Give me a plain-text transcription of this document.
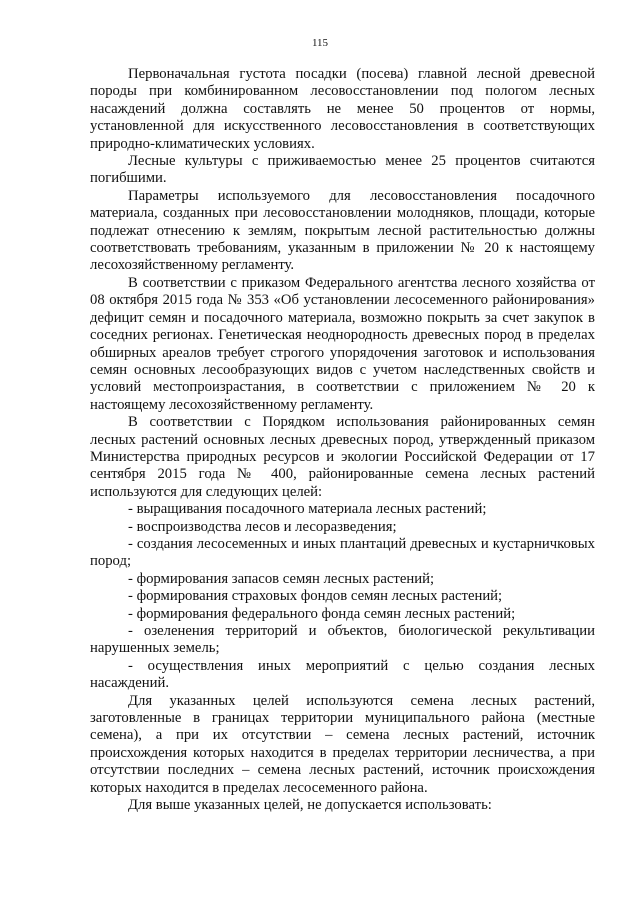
115

Первоначальная густота посадки (посева) главной лесной древесной породы при комбинированном лесовосстановлении под пологом лесных насаждений должна составлять не менее 50 процентов от нормы, установленной для искусственного лесовосстановления в соответствующих природно-климатических условиях.

Лесные культуры с приживаемостью менее 25 процентов считаются погибшими.

Параметры используемого для лесовосстановления посадочного материала, созданных при лесовосстановлении молодняков, площади, которые подлежат отнесению к землям, покрытым лесной растительностью должны соответствовать требованиям, указанным в приложении № 20 к настоящему лесохозяйственному регламенту.

В соответствии с приказом Федерального агентства лесного хозяйства от 08 октября 2015 года № 353 «Об установлении лесосеменного районирования» дефицит семян и посадочного материала, возможно покрыть за счет закупок в соседних регионах. Генетическая неоднородность древесных пород в пределах обширных ареалов требует строгого упорядочения заготовок и использования семян основных лесообразующих видов с учетом наследственных свойств и условий местопроизрастания, в соответствии с приложением № 20 к настоящему лесохозяйственному регламенту.

В соответствии с Порядком использования районированных семян лесных растений основных лесных древесных пород, утвержденный приказом Министерства природных ресурсов и экологии Российской Федерации от 17 сентября 2015 года № 400, районированные семена лесных растений используются для следующих целей:

- выращивания посадочного материала лесных растений;

- воспроизводства лесов и лесоразведения;

- создания лесосеменных и иных плантаций древесных и кустарничковых пород;

- формирования запасов семян лесных растений;

- формирования страховых фондов семян лесных растений;

- формирования федерального фонда семян лесных растений;

- озеленения территорий и объектов, биологической рекультивации нарушенных земель;

- осуществления иных мероприятий с целью создания лесных насаждений.

Для указанных целей используются семена лесных растений, заготовленные в границах территории муниципального района (местные семена), а при их отсутствии – семена лесных растений, источник происхождения которых находится в пределах территории лесничества, а при отсутствии последних – семена лесных растений, источник происхождения которых находится в пределах лесосеменного района.

Для выше указанных целей, не допускается использовать:
